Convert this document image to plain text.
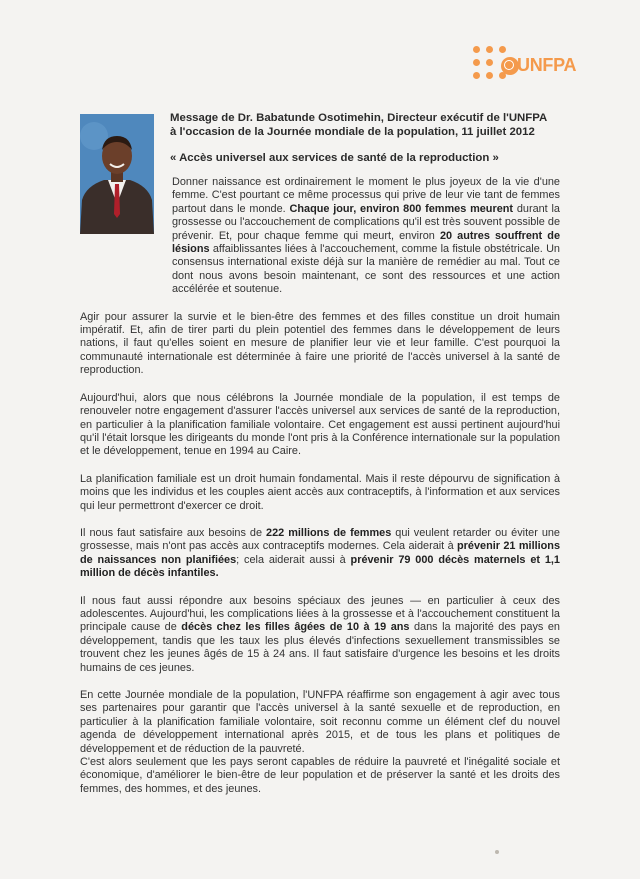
UNFPA

Message de Dr. Babatunde Osotimehin, Directeur exécutif de l'UNFPA
à l'occasion de la Journée mondiale de la population, 11 juillet 2012

« Accès universel aux services de santé de la reproduction »

Donner naissance est ordinairement le moment le plus joyeux de la vie d'une femme. C'est pourtant ce même processus qui prive de leur vie tant de femmes partout dans le monde. Chaque jour, environ 800 femmes meurent durant la grossesse ou l'accouchement de complications qu'il est très souvent possible de prévenir. Et, pour chaque femme qui meurt, environ 20 autres souffrent de lésions affaiblissantes liées à l'accouchement, comme la fistule obstétricale. Un consensus international existe déjà sur la manière de remédier au mal. Tout ce dont nous avons besoin maintenant, ce sont des ressources et une action accélérée et soutenue.

Agir pour assurer la survie et le bien-être des femmes et des filles constitue un droit humain impératif. Et, afin de tirer parti du plein potentiel des femmes dans le développement de leurs nations, il faut qu'elles soient en mesure de planifier leur vie et leur famille. C'est pourquoi la communauté internationale est déterminée à faire une priorité de l'accès universel à la santé de reproduction.

Aujourd'hui, alors que nous célébrons la Journée mondiale de la population, il est temps de renouveler notre engagement d'assurer l'accès universel aux services de santé de la reproduction, en particulier à la planification familiale volontaire. Cet engagement est aussi pertinent aujourd'hui qu'il l'était lorsque les dirigeants du monde l'ont pris à la Conférence internationale sur la population et le développement, tenue en 1994 au Caire.

La planification familiale est un droit humain fondamental. Mais il reste dépourvu de signification à moins que les individus et les couples aient accès aux contraceptifs, à l'information et aux services qui leur permettront d'exercer ce droit.

Il nous faut satisfaire aux besoins de 222 millions de femmes qui veulent retarder ou éviter une grossesse, mais n'ont pas accès aux contraceptifs modernes. Cela aiderait à prévenir 21 millions de naissances non planifiées; cela aiderait aussi à prévenir 79 000 décès maternels et 1,1 million de décès infantiles.

Il nous faut aussi répondre aux besoins spéciaux des jeunes — en particulier à ceux des adolescentes. Aujourd'hui, les complications liées à la grossesse et à l'accouchement constituent la principale cause de décès chez les filles âgées de 10 à 19 ans dans la majorité des pays en développement, tandis que les taux les plus élevés d'infections sexuellement transmissibles se trouvent chez les jeunes âgés de 15 à 24 ans. Il faut satisfaire d'urgence les besoins et les droits humains de ces jeunes.

En cette Journée mondiale de la population, l'UNFPA réaffirme son engagement à agir avec tous ses partenaires pour garantir que l'accès universel à la santé sexuelle et de reproduction, en particulier à la planification familiale volontaire, soit reconnu comme un élément clef du nouvel agenda de développement international après 2015, et de tous les plans et politiques de développement et de réduction de la pauvreté.

C'est alors seulement que les pays seront capables de réduire la pauvreté et l'inégalité sociale et économique, d'améliorer le bien-être de leur population et de préserver la santé et les droits des femmes, des hommes, et des jeunes.
